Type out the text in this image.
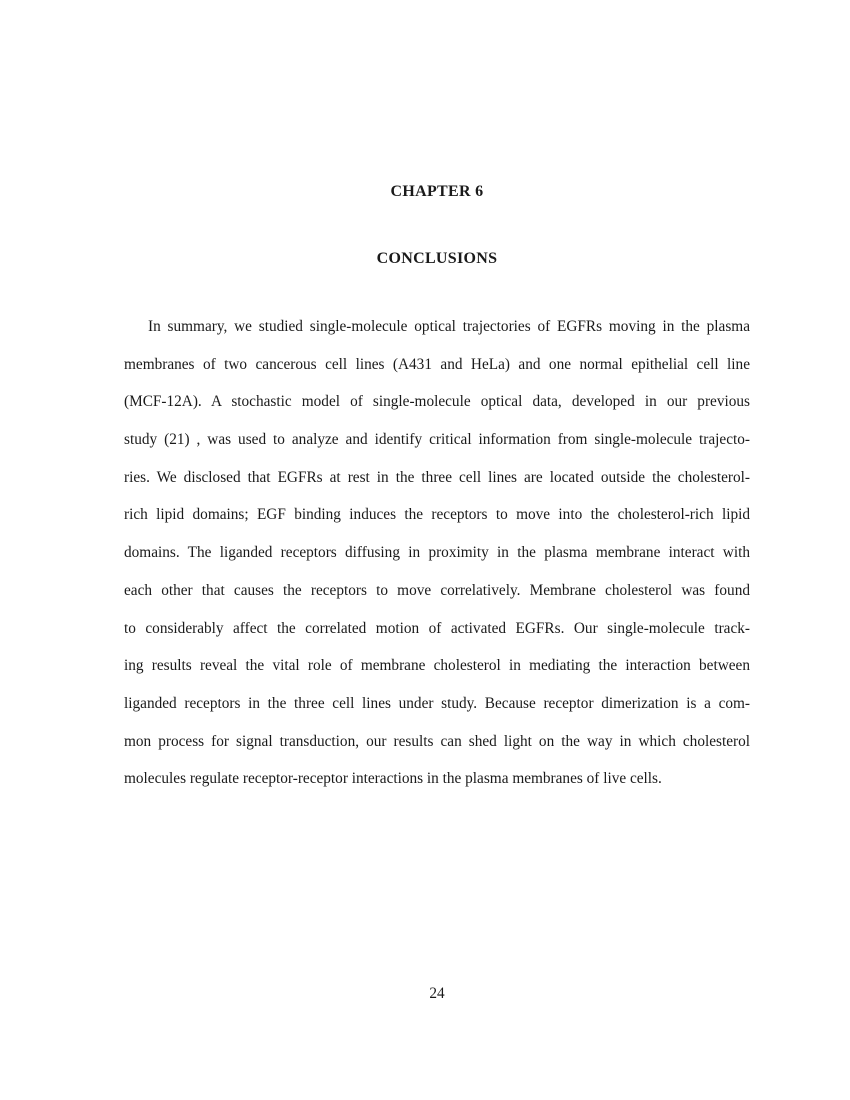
CHAPTER 6
CONCLUSIONS
In summary, we studied single-molecule optical trajectories of EGFRs moving in the plasma
membranes of two cancerous cell lines (A431 and HeLa) and one normal epithelial cell line
(MCF-12A). A stochastic model of single-molecule optical data, developed in our previous
study (21) , was used to analyze and identify critical information from single-molecule trajecto-
ries. We disclosed that EGFRs at rest in the three cell lines are located outside the cholesterol-
rich lipid domains; EGF binding induces the receptors to move into the cholesterol-rich lipid
domains. The liganded receptors diffusing in proximity in the plasma membrane interact with
each other that causes the receptors to move correlatively. Membrane cholesterol was found
to considerably affect the correlated motion of activated EGFRs. Our single-molecule track-
ing results reveal the vital role of membrane cholesterol in mediating the interaction between
liganded receptors in the three cell lines under study. Because receptor dimerization is a com-
mon process for signal transduction, our results can shed light on the way in which cholesterol
molecules regulate receptor-receptor interactions in the plasma membranes of live cells.
24
